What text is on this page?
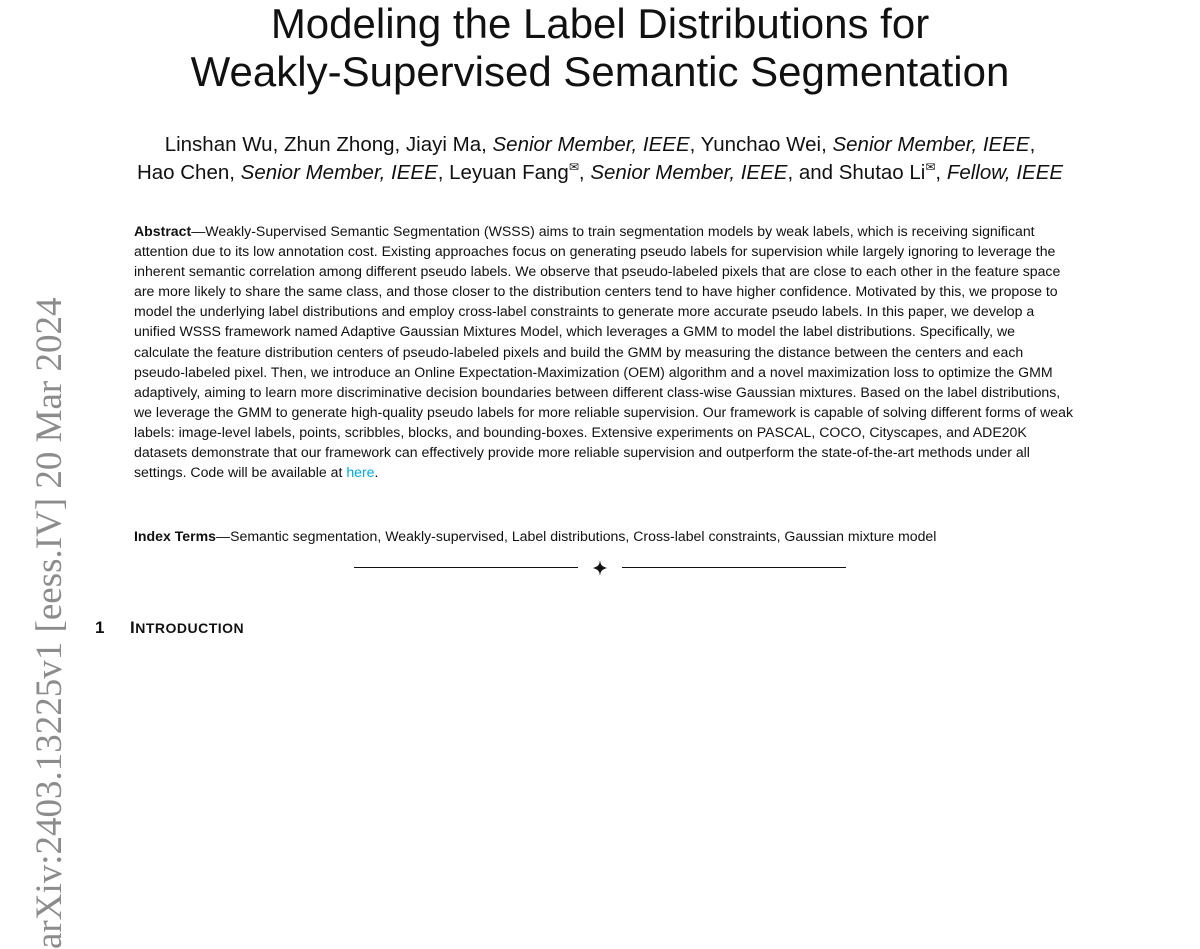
Modeling the Label Distributions for
Weakly-Supervised Semantic Segmentation
Linshan Wu, Zhun Zhong, Jiayi Ma, Senior Member, IEEE, Yunchao Wei, Senior Member, IEEE,
Hao Chen, Senior Member, IEEE, Leyuan Fang✉, Senior Member, IEEE, and Shutao Li✉, Fellow, IEEE
Abstract—Weakly-Supervised Semantic Segmentation (WSSS) aims to train segmentation models by weak labels, which is receiving significant attention due to its low annotation cost. Existing approaches focus on generating pseudo labels for supervision while largely ignoring to leverage the inherent semantic correlation among different pseudo labels. We observe that pseudo-labeled pixels that are close to each other in the feature space are more likely to share the same class, and those closer to the distribution centers tend to have higher confidence. Motivated by this, we propose to model the underlying label distributions and employ cross-label constraints to generate more accurate pseudo labels. In this paper, we develop a unified WSSS framework named Adaptive Gaussian Mixtures Model, which leverages a GMM to model the label distributions. Specifically, we calculate the feature distribution centers of pseudo-labeled pixels and build the GMM by measuring the distance between the centers and each pseudo-labeled pixel. Then, we introduce an Online Expectation-Maximization (OEM) algorithm and a novel maximization loss to optimize the GMM adaptively, aiming to learn more discriminative decision boundaries between different class-wise Gaussian mixtures. Based on the label distributions, we leverage the GMM to generate high-quality pseudo labels for more reliable supervision. Our framework is capable of solving different forms of weak labels: image-level labels, points, scribbles, blocks, and bounding-boxes. Extensive experiments on PASCAL, COCO, Cityscapes, and ADE20K datasets demonstrate that our framework can effectively provide more reliable supervision and outperform the state-of-the-art methods under all settings. Code will be available at here.
Index Terms—Semantic segmentation, Weakly-supervised, Label distributions, Cross-label constraints, Gaussian mixture model
arXiv:2403.13225v1 [eess.IV] 20 Mar 2024 1 INTRODUCTION
